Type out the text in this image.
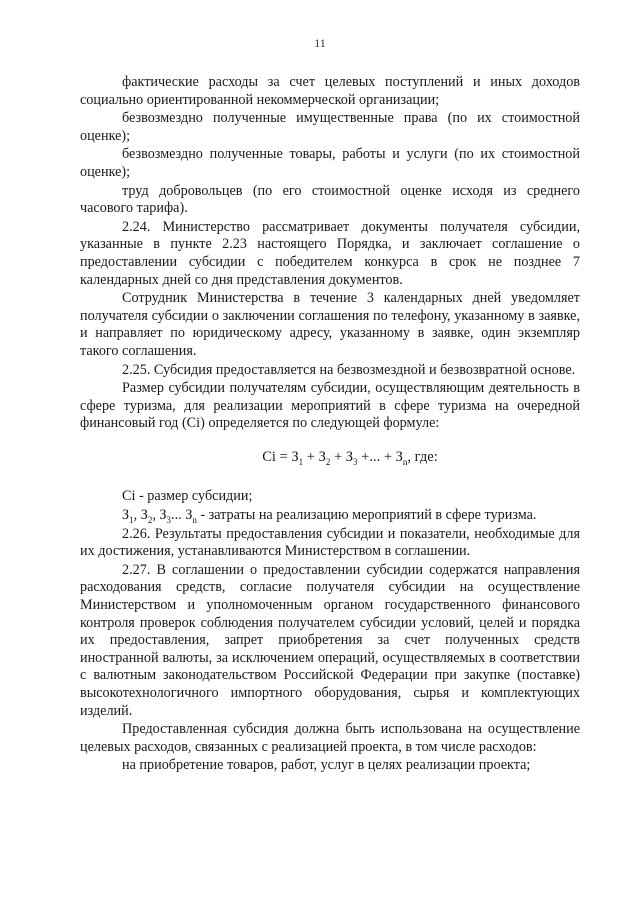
11

фактические расходы за счет целевых поступлений и иных доходов социально ориентированной некоммерческой организации;

безвозмездно полученные имущественные права (по их стоимостной оценке);

безвозмездно полученные товары, работы и услуги (по их стоимостной оценке);

труд добровольцев (по его стоимостной оценке исходя из среднего часового тарифа).

2.24. Министерство рассматривает документы получателя субсидии, указанные в пункте 2.23 настоящего Порядка, и заключает соглашение о предоставлении субсидии с победителем конкурса в срок не позднее 7 календарных дней со дня представления документов.

Сотрудник Министерства в течение 3 календарных дней уведомляет получателя субсидии о заключении соглашения по телефону, указанному в заявке, и направляет по юридическому адресу, указанному в заявке, один экземпляр такого соглашения.

2.25. Субсидия предоставляется на безвозмездной и безвозвратной основе.

Размер субсидии получателям субсидии, осуществляющим деятельность в сфере туризма, для реализации мероприятий в сфере туризма на очередной финансовый год (Ci) определяется по следующей формуле:

$Ci = З_1 + З_2 + З_3$ +... + $З_n$, где:

Ci - размер субсидии;

$З_1$, $З_2$, $З_3$... $З_n$ - затраты на реализацию мероприятий в сфере туризма.

2.26. Результаты предоставления субсидии и показатели, необходимые для их достижения, устанавливаются Министерством в соглашении.

2.27. В соглашении о предоставлении субсидии содержатся направления расходования средств, согласие получателя субсидии на осуществление Министерством и уполномоченным органом государственного финансового контроля проверок соблюдения получателем субсидии условий, целей и порядка их предоставления, запрет приобретения за счет полученных средств иностранной валюты, за исключением операций, осуществляемых в соответствии с валютным законодательством Российской Федерации при закупке (поставке) высокотехнологичного импортного оборудования, сырья и комплектующих изделий.

Предоставленная субсидия должна быть использована на осуществление целевых расходов, связанных с реализацией проекта, в том числе расходов:

на приобретение товаров, работ, услуг в целях реализации проекта;
